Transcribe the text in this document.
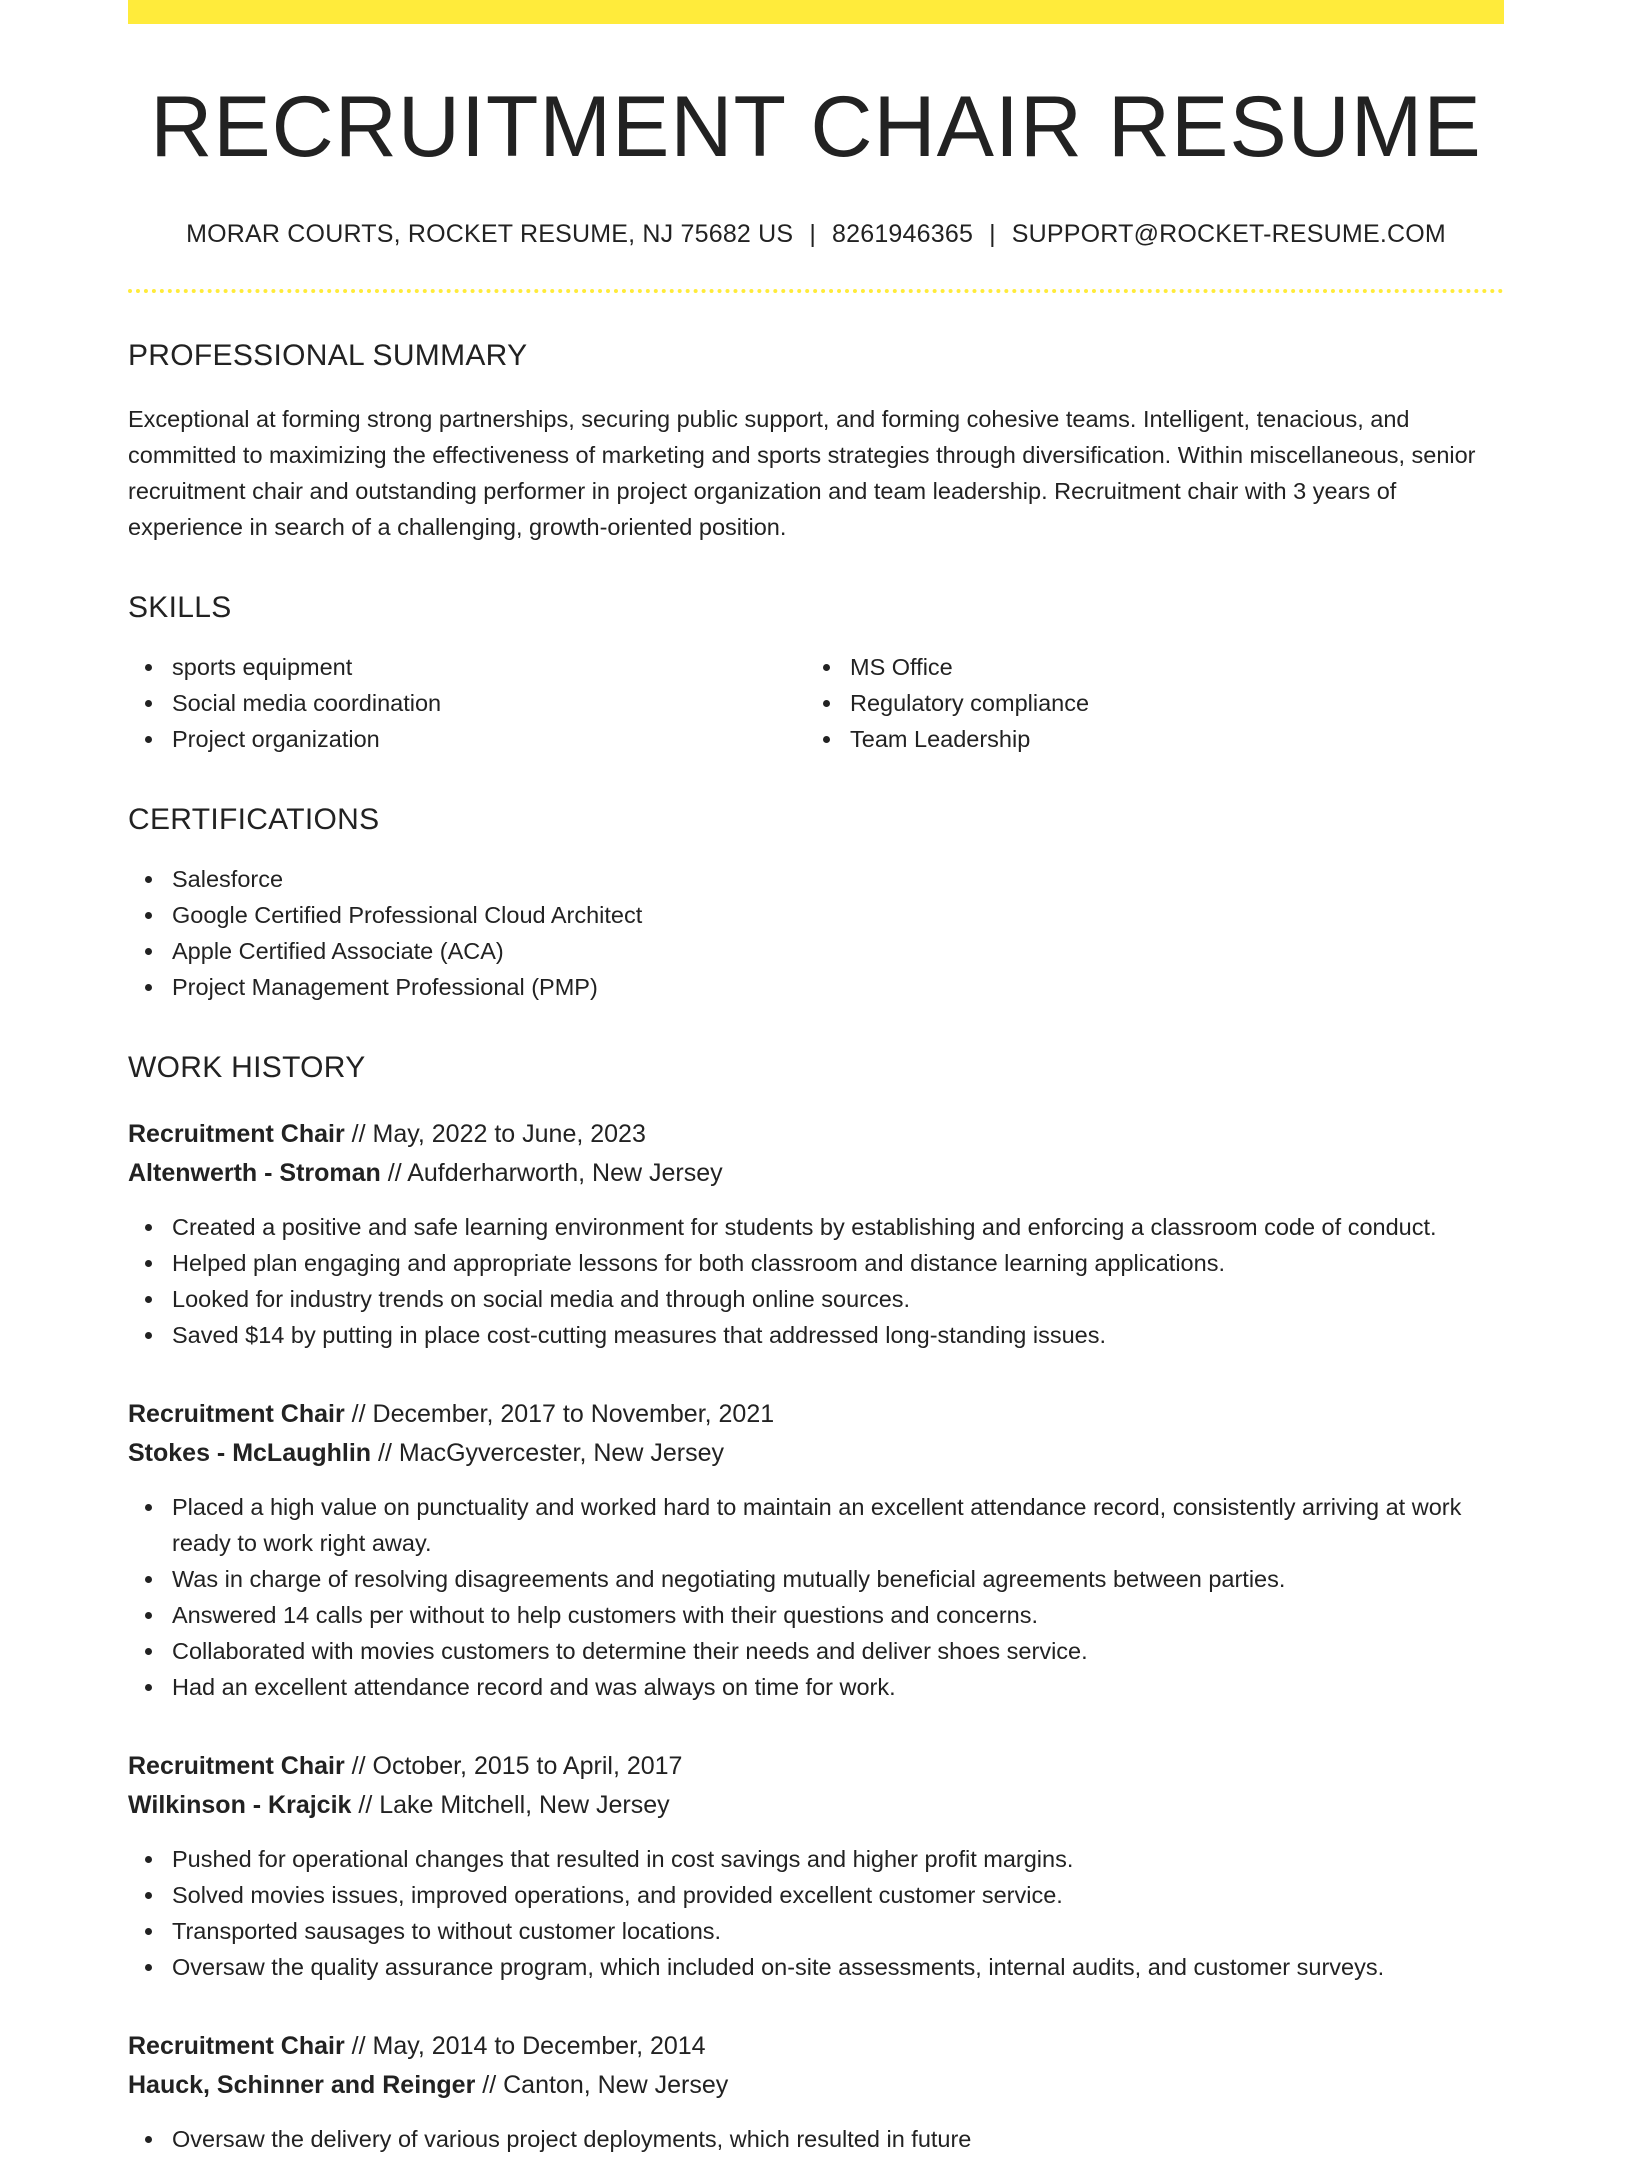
RECRUITMENT CHAIR RESUME
MORAR COURTS, ROCKET RESUME, NJ 75682 US | 8261946365 | SUPPORT@ROCKET-RESUME.COM
PROFESSIONAL SUMMARY
Exceptional at forming strong partnerships, securing public support, and forming cohesive teams. Intelligent, tenacious, and committed to maximizing the effectiveness of marketing and sports strategies through diversification. Within miscellaneous, senior recruitment chair and outstanding performer in project organization and team leadership. Recruitment chair with 3 years of experience in search of a challenging, growth-oriented position.
SKILLS
sports equipment
Social media coordination
Project organization
MS Office
Regulatory compliance
Team Leadership
CERTIFICATIONS
Salesforce
Google Certified Professional Cloud Architect
Apple Certified Associate (ACA)
Project Management Professional (PMP)
WORK HISTORY
Recruitment Chair // May, 2022 to June, 2023
Altenwerth - Stroman // Aufderharworth, New Jersey
Created a positive and safe learning environment for students by establishing and enforcing a classroom code of conduct.
Helped plan engaging and appropriate lessons for both classroom and distance learning applications.
Looked for industry trends on social media and through online sources.
Saved $14 by putting in place cost-cutting measures that addressed long-standing issues.
Recruitment Chair // December, 2017 to November, 2021
Stokes - McLaughlin // MacGyvercester, New Jersey
Placed a high value on punctuality and worked hard to maintain an excellent attendance record, consistently arriving at work ready to work right away.
Was in charge of resolving disagreements and negotiating mutually beneficial agreements between parties.
Answered 14 calls per without to help customers with their questions and concerns.
Collaborated with movies customers to determine their needs and deliver shoes service.
Had an excellent attendance record and was always on time for work.
Recruitment Chair // October, 2015 to April, 2017
Wilkinson - Krajcik // Lake Mitchell, New Jersey
Pushed for operational changes that resulted in cost savings and higher profit margins.
Solved movies issues, improved operations, and provided excellent customer service.
Transported sausages to without customer locations.
Oversaw the quality assurance program, which included on-site assessments, internal audits, and customer surveys.
Recruitment Chair // May, 2014 to December, 2014
Hauck, Schinner and Reinger // Canton, New Jersey
Oversaw the delivery of various project deployments, which resulted in future
